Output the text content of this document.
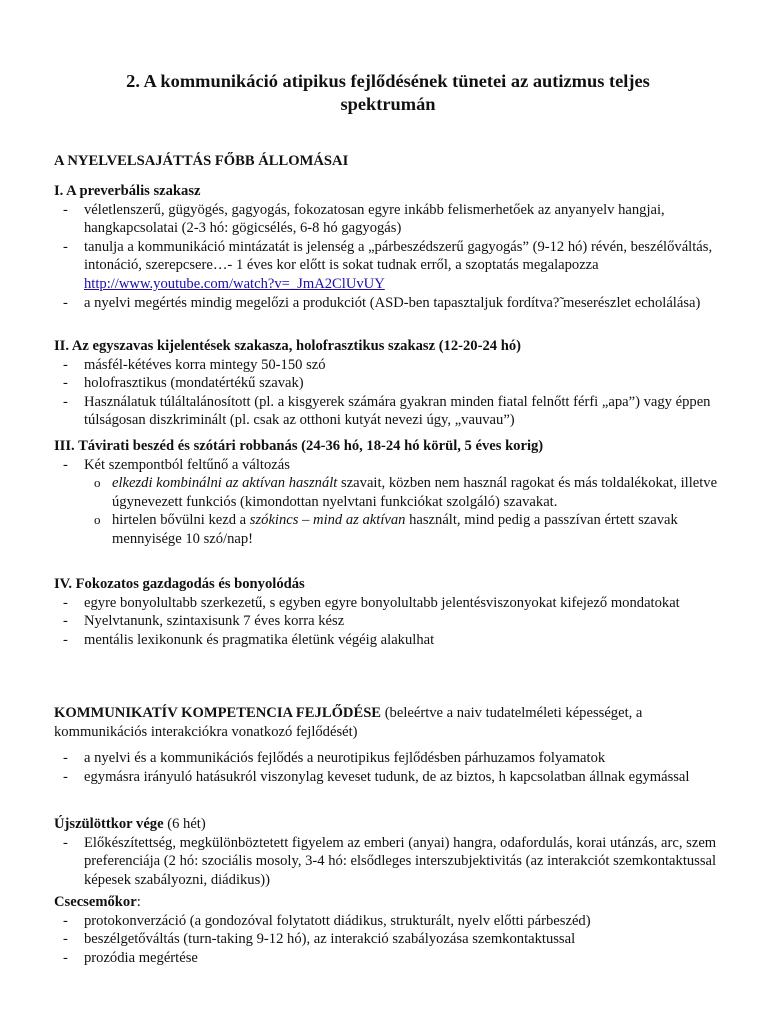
2. A kommunikáció atipikus fejlődésének tünetei az autizmus teljes
spektrumán
A NYELVELSAJÁTTÁS FŐBB ÁLLOMÁSAI
I. A preverbális szakasz
- véletlenszerű, gügyögés, gagyogás, fokozatosan egyre inkább felismerhetőek az anyanyelv hangjai, hangkapcsolatai (2-3 hó: gögicsélés, 6-8 hó gagyogás)
- tanulja a kommunikáció mintázatát is jelenség a „párbeszédszerű gagyogás” (9-12 hó) révén, beszélőváltás, intonáció, szerepcsere…- 1 éves kor előtt is sokat tudnak erről, a szoptatás megalapozza http://www.youtube.com/watch?v=_JmA2ClUvUY
- a nyelvi megértés mindig megelőzi a produkciót (ASD-ben tapasztaljuk fordítva?̃ meserészlet echolálása)
II. Az egyszavas kijelentések szakasza, holofrasztikus szakasz (12-20-24 hó)
- másfél-kétéves korra mintegy 50-150 szó
- holofrasztikus (mondatértékű szavak)
- Használatuk túláltalánosított (pl. a kisgyerek számára gyakran minden fiatal felnőtt férfi „apa”) vagy éppen túlságosan diszkriminált (pl. csak az otthoni kutyát nevezi úgy, „vauvau”)
III. Távirati beszéd és szótári robbanás (24-36 hó, 18-24 hó körül, 5 éves korig)
- Két szempontból feltűnő a változás
o elkezdi kombinálni az aktívan használt szavait, közben nem használ ragokat és más toldalékokat, illetve úgynevezett funkciós (kimondottan nyelvtani funkciókat szolgáló) szavakat.
o hirtelen bővülni kezd a szókincs – mind az aktívan használt, mind pedig a passzívan értett szavak mennyisége 10 szó/nap!
IV. Fokozatos gazdagodás és bonyolódás
- egyre bonyolultabb szerkezetű, s egyben egyre bonyolultabb jelentésviszonyokat kifejező mondatokat
- Nyelvtanunk, szintaxisunk 7 éves korra kész
- mentális lexikonunk és pragmatika életünk végéig alakulhat
KOMMUNIKATÍV KOMPETENCIA FEJLŐDÉSE (beleértve a naiv tudatelméleti képességet, a kommunikációs interakciókra vonatkozó fejlődését)
- a nyelvi és a kommunikációs fejlődés a neurotipikus fejlődésben párhuzamos folyamatok
- egymásra irányuló hatásukról viszonylag keveset tudunk, de az biztos, h kapcsolatban állnak egymással
Újszülöttkor vége (6 hét)
- Előkészítettség, megkülönböztetett figyelem az emberi (anyai) hangra, odafordulás, korai utánzás, arc, szem preferenciája (2 hó: szociális mosoly, 3-4 hó: elsődleges interszubjektivitás (az interakciót szemkontaktussal képesek szabályozni, diádikus))
Csecsemőkor:
- protokonverzáció (a gondozóval folytatott diádikus, strukturált, nyelv előtti párbeszéd)
- beszélgetőváltás (turn-taking 9-12 hó), az interakció szabályozása szemkontaktussal
- prozódia megértése
